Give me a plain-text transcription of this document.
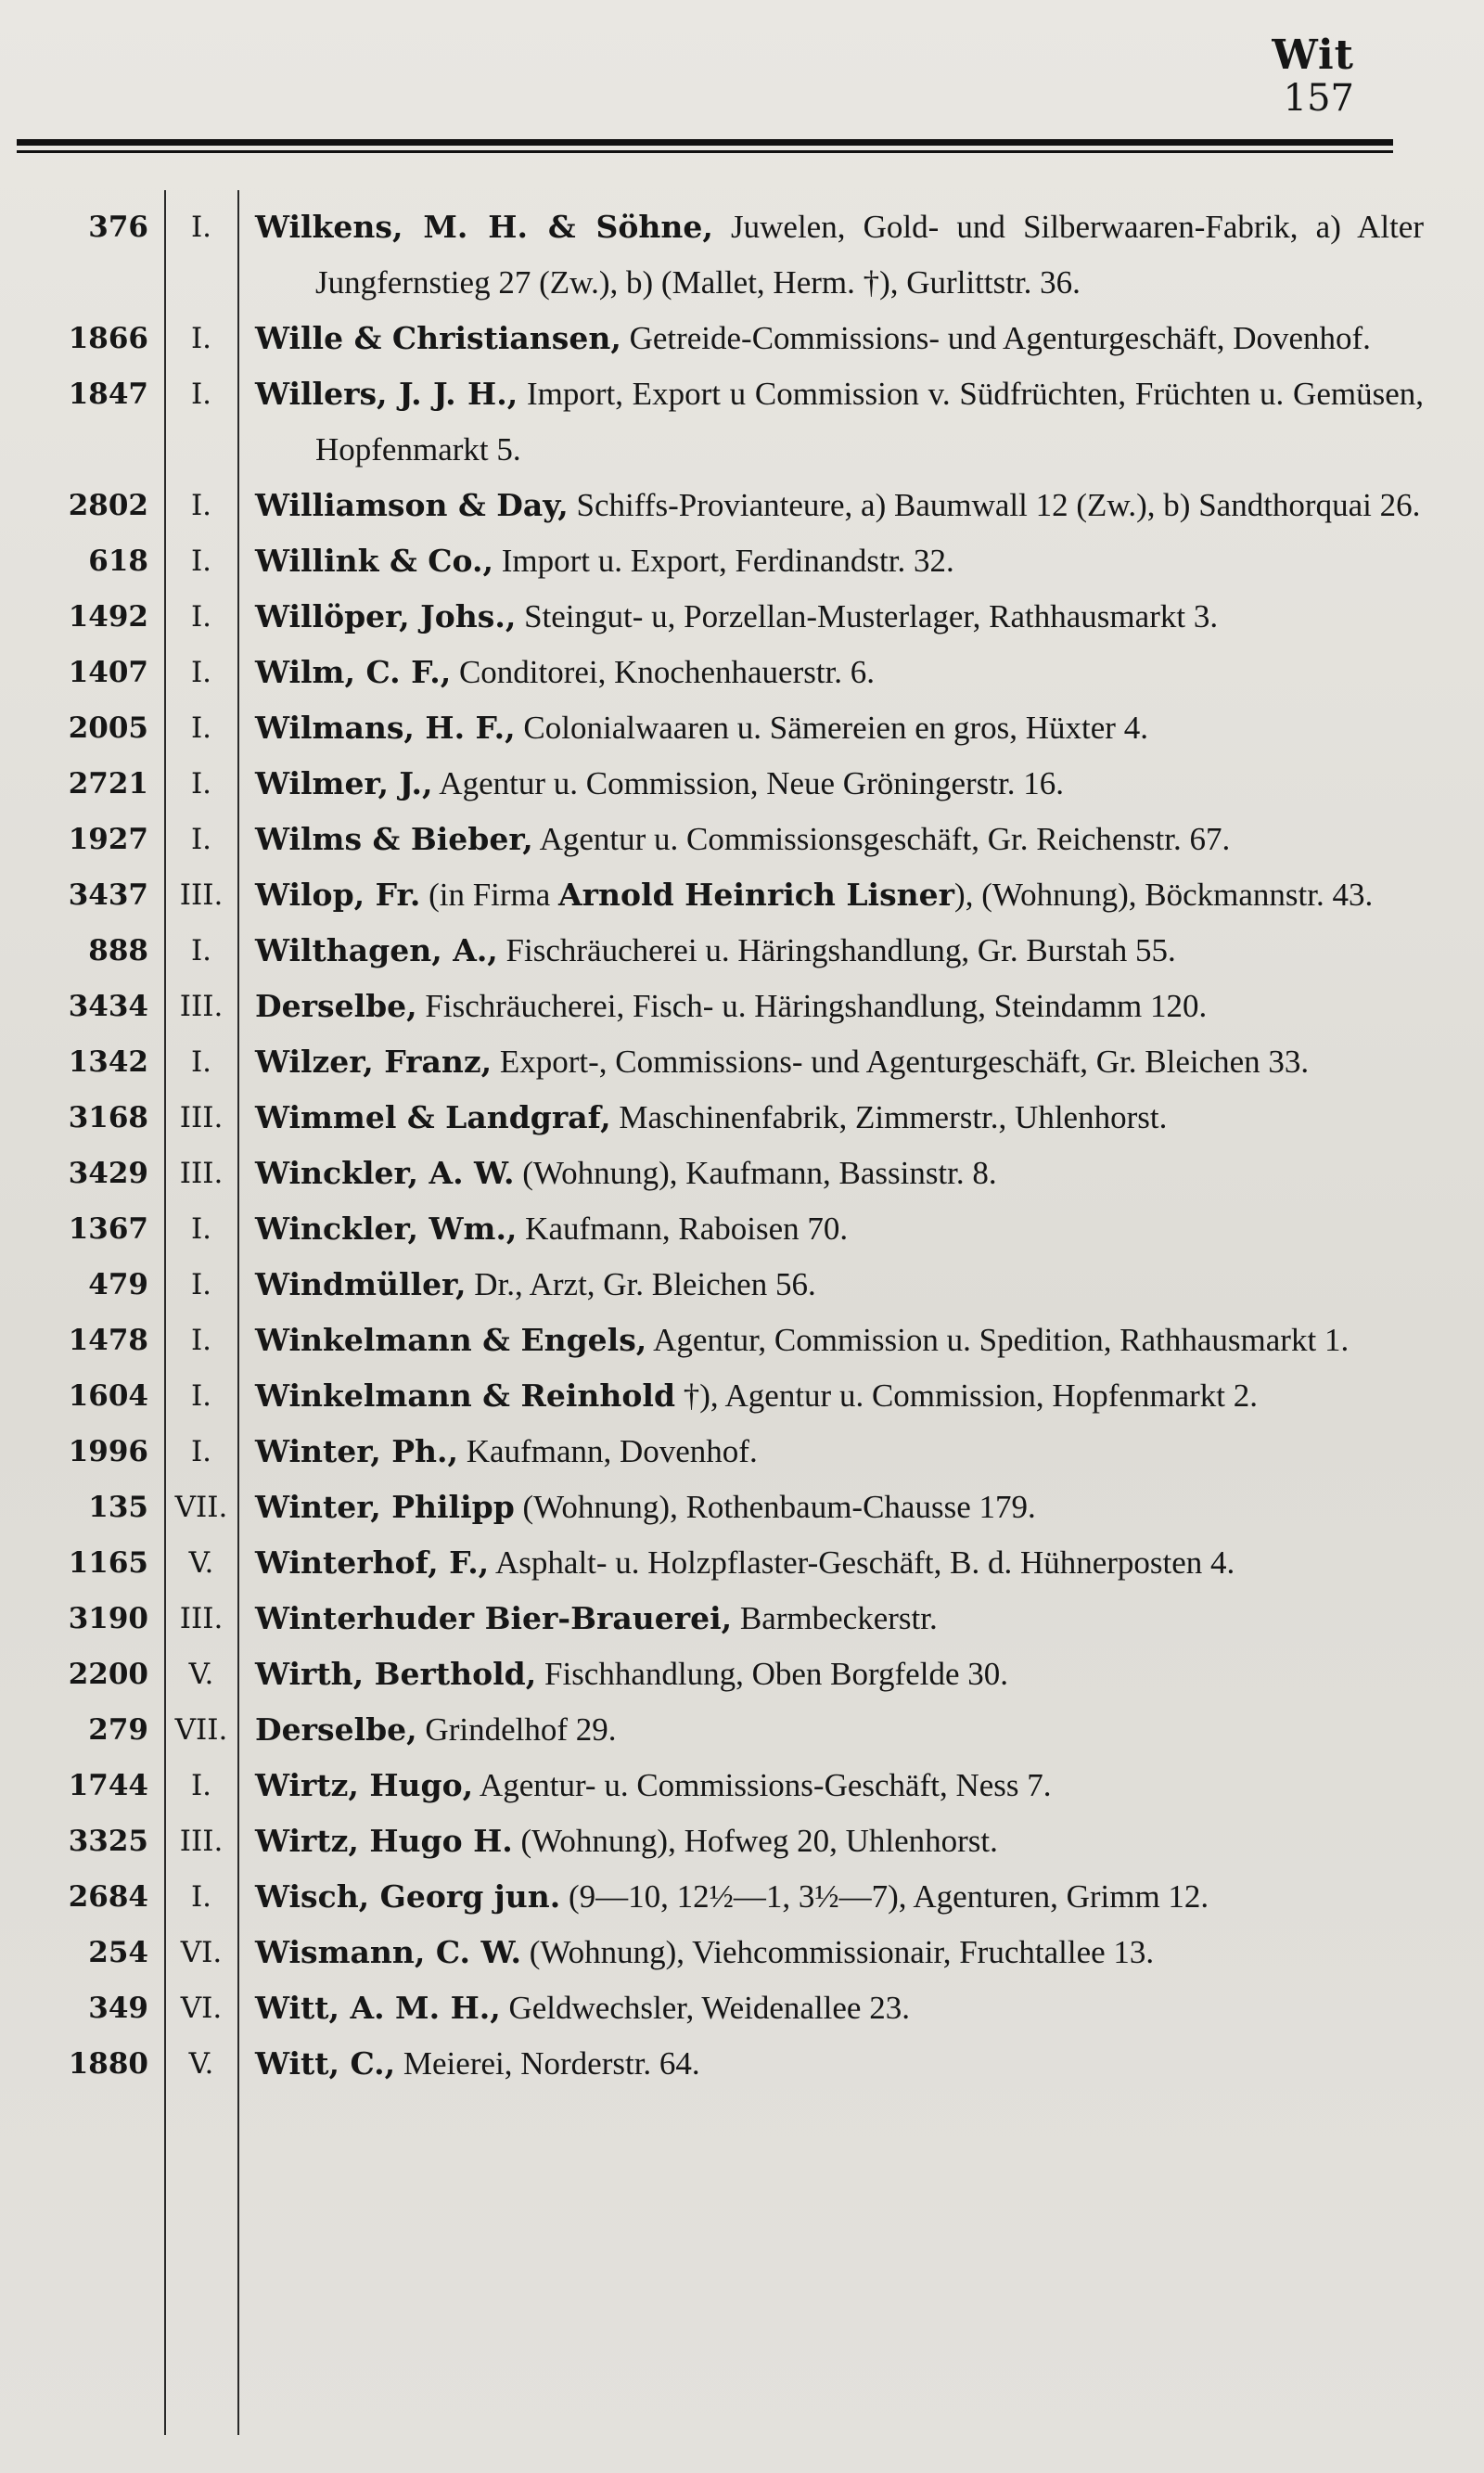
Wit
157
376	I.	Wilkens, M. H. & Söhne, Juwelen, Gold- und Silberwaaren-Fabrik, a) Alter Jungfernstieg 27 (Zw.), b) (Mallet, Herm. †), Gurlittstr. 36.
1866	I.	Wille & Christiansen, Getreide-Commissions- und Agenturgeschäft, Dovenhof.
1847	I.	Willers, J. J. H., Import, Export u Commission v. Südfrüchten, Früchten u. Gemüsen, Hopfenmarkt 5.
2802	I.	Williamson & Day, Schiffs-Provianteure, a) Baumwall 12 (Zw.), b) Sandthorquai 26.
618	I.	Willink & Co., Import u. Export, Ferdinandstr. 32.
1492	I.	Willöper, Johs., Steingut- u, Porzellan-Musterlager, Rathhausmarkt 3.
1407	I.	Wilm, C. F., Conditorei, Knochenhauerstr. 6.
2005	I.	Wilmans, H. F., Colonialwaaren u. Sämereien en gros, Hüxter 4.
2721	I.	Wilmer, J., Agentur u. Commission, Neue Gröningerstr. 16.
1927	I.	Wilms & Bieber, Agentur u. Commissionsgeschäft, Gr. Reichenstr. 67.
3437	III.	Wilop, Fr. (in Firma Arnold Heinrich Lisner), (Wohnung), Böckmannstr. 43.
888	I.	Wilthagen, A., Fischräucherei u. Häringshandlung, Gr. Burstah 55.
3434	III.	Derselbe, Fischräucherei, Fisch- u. Häringshandlung, Steindamm 120.
1342	I.	Wilzer, Franz, Export-, Commissions- und Agenturgeschäft, Gr. Bleichen 33.
3168	III.	Wimmel & Landgraf, Maschinenfabrik, Zimmerstr., Uhlenhorst.
3429	III.	Winckler, A. W. (Wohnung), Kaufmann, Bassinstr. 8.
1367	I.	Winckler, Wm., Kaufmann, Raboisen 70.
479	I.	Windmüller, Dr., Arzt, Gr. Bleichen 56.
1478	I.	Winkelmann & Engels, Agentur, Commission u. Spedition, Rathhausmarkt 1.
1604	I.	Winkelmann & Reinhold †), Agentur u. Commission, Hopfenmarkt 2.
1996	I.	Winter, Ph., Kaufmann, Dovenhof.
135 VII. Winter, Philipp (Wohnung), Rothenbaum-Chausse 179.
1165	V.	Winterhof, F., Asphalt- u. Holzpflaster-Geschäft, B. d. Hühnerposten 4.
3190	III.	Winterhuder Bier-Brauerei, Barmbeckerstr.
2200	V.	Wirth, Berthold, Fischhandlung, Oben Borgfelde 30.
279 VII. Derselbe, Grindelhof 29.
1744	I.	Wirtz, Hugo, Agentur- u. Commissions-Geschäft, Ness 7.
3325	III.	Wirtz, Hugo H. (Wohnung), Hofweg 20, Uhlenhorst.
2684	I.	Wisch, Georg jun. (9—10, 12½—1, 3½—7), Agenturen, Grimm 12.
254	VI.	Wismann, C. W. (Wohnung), Viehcommissionair, Fruchtallee 13.
349	VI.	Witt, A. M. H., Geldwechsler, Weidenallee 23.
1880	V.	Witt, C., Meierei, Norderstr. 64.
